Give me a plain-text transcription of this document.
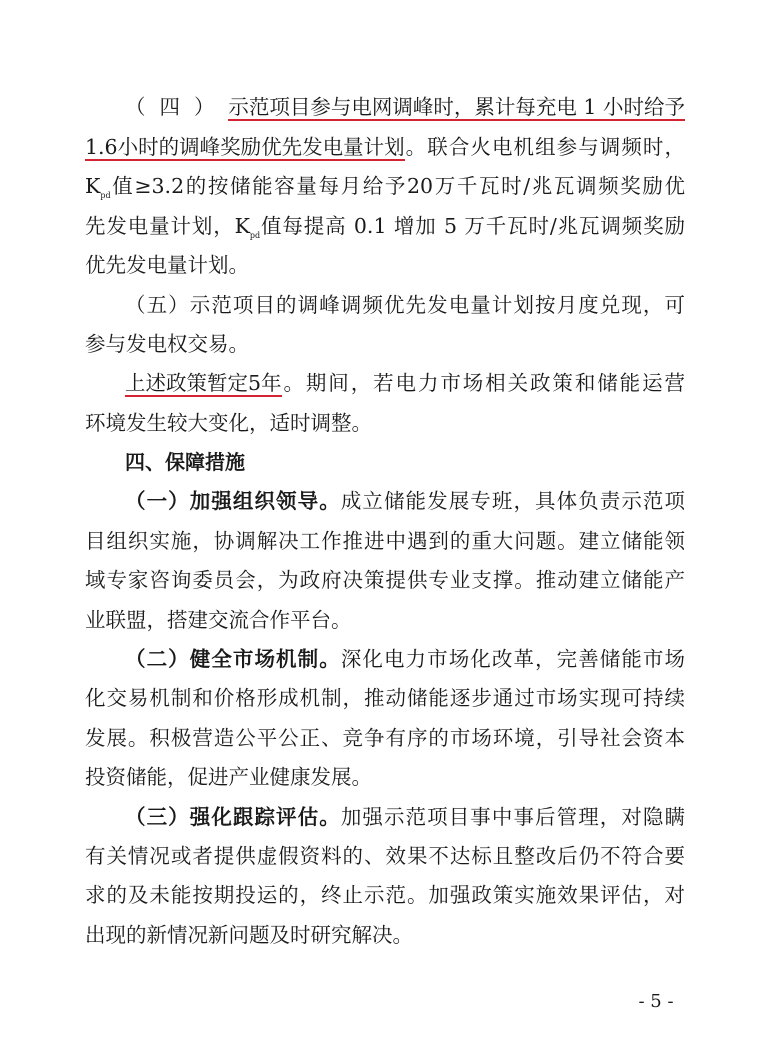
（四）示范项目参与电网调峰时，累计每充电 1 小时给予
1.6小时的调峰奖励优先发电量计划。联合火电机组参与调频时，
$K_{pd}$值≥3.2的按储能容量每月给予20万千瓦时/兆瓦调频奖励优
先发电量计划，$K_{pd}$值每提高 0.1 增加 5 万千瓦时/兆瓦调频奖励
优先发电量计划。
（五）示范项目的调峰调频优先发电量计划按月度兑现，可
参与发电权交易。
上述政策暂定5年。期间，若电力市场相关政策和储能运营
环境发生较大变化，适时调整。
四、保障措施
（一）加强组织领导。成立储能发展专班，具体负责示范项
目组织实施，协调解决工作推进中遇到的重大问题。建立储能领
域专家咨询委员会，为政府决策提供专业支撑。推动建立储能产
业联盟，搭建交流合作平台。
（二）健全市场机制。深化电力市场化改革，完善储能市场
化交易机制和价格形成机制，推动储能逐步通过市场实现可持续
发展。积极营造公平公正、竞争有序的市场环境，引导社会资本
投资储能，促进产业健康发展。
（三）强化跟踪评估。加强示范项目事中事后管理，对隐瞒
有关情况或者提供虚假资料的、效果不达标且整改后仍不符合要
求的及未能按期投运的，终止示范。加强政策实施效果评估，对
出现的新情况新问题及时研究解决。
- 5 -
